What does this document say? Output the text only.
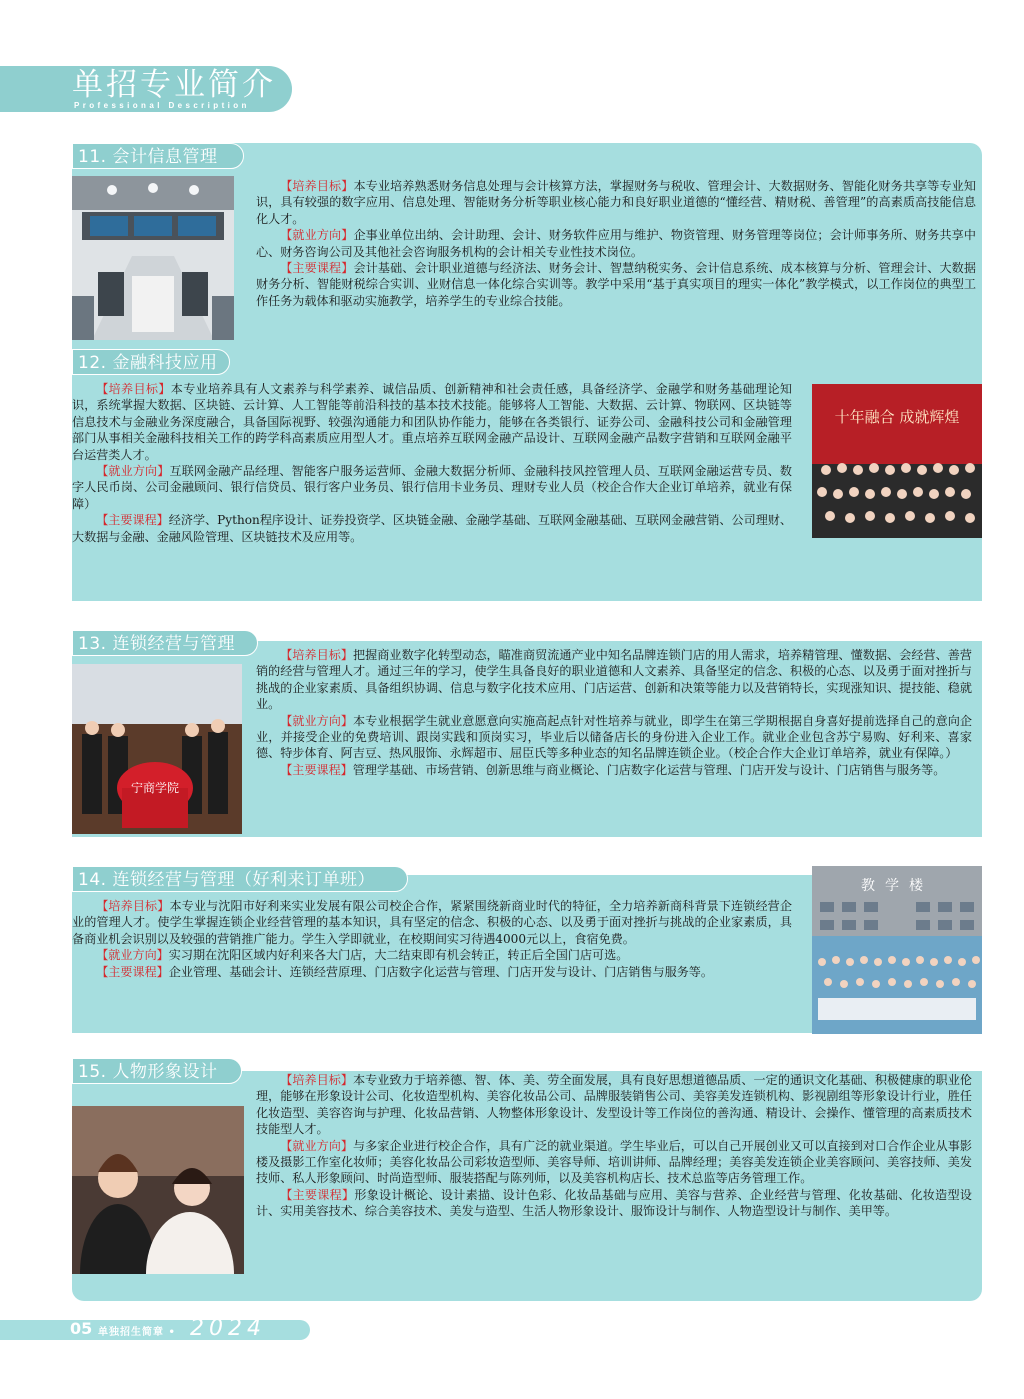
单招专业简介
Professional Description
11. 会计信息管理

【培养目标】本专业培养熟悉财务信息处理与会计核算方法，掌握财务与税收、管理会计、大数据财务、智能化财务共享等专业知识，具有较强的数字应用、信息处理、智能财务分析等职业核心能力和良好职业道德的“懂经营、精财税、善管理”的高素质高技能信息化人才。

【就业方向】企事业单位出纳、会计助理、会计、财务软件应用与维护、物资管理、财务管理等岗位；会计师事务所、财务共享中心、财务咨询公司及其他社会咨询服务机构的会计相关专业性技术岗位。

【主要课程】会计基础、会计职业道德与经济法、财务会计、智慧纳税实务、会计信息系统、成本核算与分析、管理会计、大数据财务分析、智能财税综合实训、业财信息一体化综合实训等。教学中采用“基于真实项目的理实一体化”教学模式，以工作岗位的典型工作任务为载体和驱动实施教学，培养学生的专业综合技能。

12. 金融科技应用

【培养目标】本专业培养具有人文素养与科学素养、诚信品质、创新精神和社会责任感，具备经济学、金融学和财务基础理论知识，系统掌握大数据、区块链、云计算、人工智能等前沿科技的基本技术技能。能够将人工智能、大数据、云计算、物联网、区块链等信息技术与金融业务深度融合，具备国际视野、较强沟通能力和团队协作能力，能够在各类银行、证券公司、金融科技公司和金融管理部门从事相关金融科技相关工作的跨学科高素质应用型人才。重点培养互联网金融产品设计、互联网金融产品数字营销和互联网金融平台运营类人才。

【就业方向】互联网金融产品经理、智能客户服务运营师、金融大数据分析师、金融科技风控管理人员、互联网金融运营专员、数字人民币岗、公司金融顾问、银行信贷员、银行客户业务员、银行信用卡业务员、理财专业人员（校企合作大企业订单培养，就业有保障）

【主要课程】经济学、Python程序设计、证券投资学、区块链金融、金融学基础、互联网金融基础、互联网金融营销、公司理财、大数据与金融、金融风险管理、区块链技术及应用等。

十年融合 成就辉煌
13. 连锁经营与管理
宁商学院

【培养目标】把握商业数字化转型动态，瞄准商贸流通产业中知名品牌连锁门店的用人需求，培养精管理、懂数据、会经营、善营销的经营与管理人才。通过三年的学习，使学生具备良好的职业道德和人文素养、具备坚定的信念、积极的心态、以及勇于面对挫折与挑战的企业家素质、具备组织协调、信息与数字化技术应用、门店运营、创新和决策等能力以及营销特长，实现涨知识、提技能、稳就业。

【就业方向】本专业根据学生就业意愿意向实施高起点针对性培养与就业，即学生在第三学期根据自身喜好提前选择自己的意向企业，并接受企业的免费培训、跟岗实践和顶岗实习，毕业后以储备店长的身份进入企业工作。就业企业包含苏宁易购、好利来、喜家德、特步体育、阿吉豆、热风服饰、永辉超市、屈臣氏等多种业态的知名品牌连锁企业。（校企合作大企业订单培养，就业有保障。）

【主要课程】管理学基础、市场营销、创新思维与商业概论、门店数字化运营与管理、门店开发与设计、门店销售与服务等。

14. 连锁经营与管理（好利来订单班）

【培养目标】本专业与沈阳市好利来实业发展有限公司校企合作，紧紧围绕新商业时代的特征，全力培养新商科背景下连锁经营企业的管理人才。使学生掌握连锁企业经营管理的基本知识，具有坚定的信念、积极的心态、以及勇于面对挫折与挑战的企业家素质，具备商业机会识别以及较强的营销推广能力。学生入学即就业，在校期间实习待遇4000元以上，食宿免费。

【就业方向】实习期在沈阳区域内好利来各大门店，大二结束即有机会转正，转正后全国门店可选。

【主要课程】企业管理、基础会计、连锁经营原理、门店数字化运营与管理、门店开发与设计、门店销售与服务等。

教学楼
15. 人物形象设计	【培养目标】本专业致力于培养德、智、体、美、劳全面发展，具有良好思想道德品质、一定的通识文化基础、积极健康的职业伦理，能够在形象设计公司、化妆造型机构、美容化妆品公司、品牌服装销售公司、美容美发连锁机构、影视剧组等形象设计行业，胜任化妆造型、美容咨询与护理、化妆品营销、人物整体形象设计、发型设计等工作岗位的善沟通、精设计、会操作、懂管理的高素质技术技能型人才。

【就业方向】与多家企业进行校企合作，具有广泛的就业渠道。学生毕业后，可以自己开展创业又可以直接到对口合作企业从事影楼及摄影工作室化妆师；美容化妆品公司彩妆造型师、美容导师、培训讲师、品牌经理；美容美发连锁企业美容顾问、美容技师、美发技师、私人形象顾问、时尚造型师、服装搭配与陈列师，以及美容机构店长、技术总监等店务管理工作。

【主要课程】形象设计概论、设计素描、设计色彩、化妆品基础与应用、美容与营养、企业经营与管理、化妆基础、化妆造型设计、实用美容技术、综合美容技术、美发与造型、生活人物形象设计、服饰设计与制作、人物造型设计与制作、美甲等。

05 单独招生简章 • 2024
